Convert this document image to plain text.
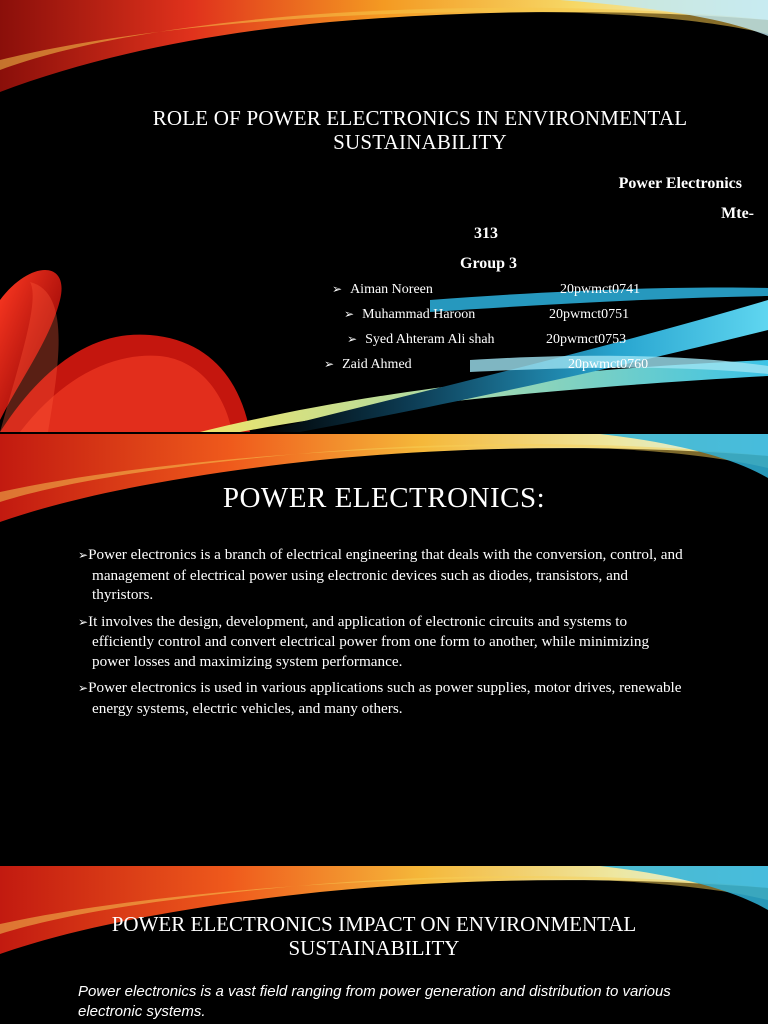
ROLE OF POWER ELECTRONICS IN ENVIRONMENTAL SUSTAINABILITY
Power Electronics
Mte-
313
Group 3
➢ Aiman Noreen	20pwmct0741
➢ Muhammad Haroon	20pwmct0751
➢ Syed Ahteram Ali shah	20pwmct0753
➢ Zaid Ahmed	20pwmct0760
POWER ELECTRONICS:

➢Power electronics is a branch of electrical engineering that deals with the conversion, control, and management of electrical power using electronic devices such as diodes, transistors, and thyristors.

➢It involves the design, development, and application of electronic circuits and systems to efficiently control and convert electrical power from one form to another, while minimizing power losses and maximizing system performance.

➢Power electronics is used in various applications such as power supplies, motor drives, renewable energy systems, electric vehicles, and many others.

POWER ELECTRONICS IMPACT ON ENVIRONMENTAL SUSTAINABILITY
Power electronics is a vast field ranging from power generation and distribution to various electronic systems.
